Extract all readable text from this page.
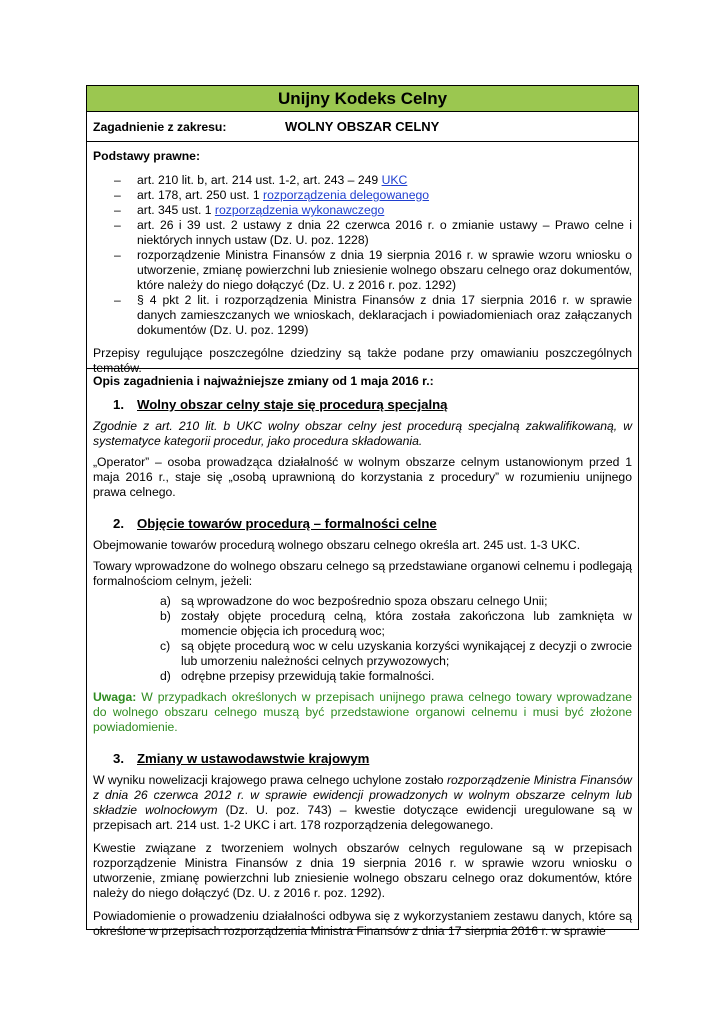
Unijny Kodeks Celny
Zagadnienie z zakresu:	WOLNY OBSZAR CELNY
Podstawy prawne:
– art. 210 lit. b, art. 214 ust. 1-2, art. 243 – 249 UKC
– art. 178, art. 250 ust. 1 rozporządzenia delegowanego
– art. 345 ust. 1 rozporządzenia wykonawczego
– art. 26 i 39 ust. 2 ustawy z dnia 22 czerwca 2016 r. o zmianie ustawy – Prawo celne i niektórych innych ustaw (Dz. U. poz. 1228)
– rozporządzenie Ministra Finansów z dnia 19 sierpnia 2016 r. w sprawie wzoru wniosku o utworzenie, zmianę powierzchni lub zniesienie wolnego obszaru celnego oraz dokumentów, które należy do niego dołączyć (Dz. U. z 2016 r. poz. 1292)
– § 4 pkt 2 lit. i rozporządzenia Ministra Finansów z dnia 17 sierpnia 2016 r. w sprawie danych zamieszczanych we wnioskach, deklaracjach i powiadomieniach oraz załączanych dokumentów (Dz. U. poz. 1299)

Przepisy regulujące poszczególne dziedziny są także podane przy omawianiu poszczególnych tematów.

Opis zagadnienia i najważniejsze zmiany od 1 maja 2016 r.:
1. Wolny obszar celny staje się procedurą specjalną

Zgodnie z art. 210 lit. b UKC wolny obszar celny jest procedurą specjalną zakwalifikowaną, w systematyce kategorii procedur, jako procedura składowania.

„Operator” – osoba prowadząca działalność w wolnym obszarze celnym ustanowionym przed 1 maja 2016 r., staje się „osobą uprawnioną do korzystania z procedury” w rozumieniu unijnego prawa celnego.

2. Objęcie towarów procedurą – formalności celne

Obejmowanie towarów procedurą wolnego obszaru celnego określa art. 245 ust. 1-3 UKC.

Towary wprowadzone do wolnego obszaru celnego są przedstawiane organowi celnemu i podlegają formalnościom celnym, jeżeli:

a) są wprowadzone do woc bezpośrednio spoza obszaru celnego Unii;
b) zostały objęte procedurą celną, która została zakończona lub zamknięta w momencie objęcia ich procedurą woc;
c) są objęte procedurą woc w celu uzyskania korzyści wynikającej z decyzji o zwrocie lub umorzeniu należności celnych przywozowych;
d) odrębne przepisy przewidują takie formalności.

Uwaga: W przypadkach określonych w przepisach unijnego prawa celnego towary wprowadzane do wolnego obszaru celnego muszą być przedstawione organowi celnemu i musi być złożone powiadomienie.

3. Zmiany w ustawodawstwie krajowym

W wyniku nowelizacji krajowego prawa celnego uchylone zostało rozporządzenie Ministra Finansów z dnia 26 czerwca 2012 r. w sprawie ewidencji prowadzonych w wolnym obszarze celnym lub składzie wolnocłowym (Dz. U. poz. 743) – kwestie dotyczące ewidencji uregulowane są w przepisach art. 214 ust. 1-2 UKC i art. 178 rozporządzenia delegowanego.

Kwestie związane z tworzeniem wolnych obszarów celnych regulowane są w przepisach rozporządzenie Ministra Finansów z dnia 19 sierpnia 2016 r. w sprawie wzoru wniosku o utworzenie, zmianę powierzchni lub zniesienie wolnego obszaru celnego oraz dokumentów, które należy do niego dołączyć (Dz. U. z 2016 r. poz. 1292).

Powiadomienie o prowadzeniu działalności odbywa się z wykorzystaniem zestawu danych, które są określone w przepisach rozporządzenia Ministra Finansów z dnia 17 sierpnia 2016 r. w sprawie
